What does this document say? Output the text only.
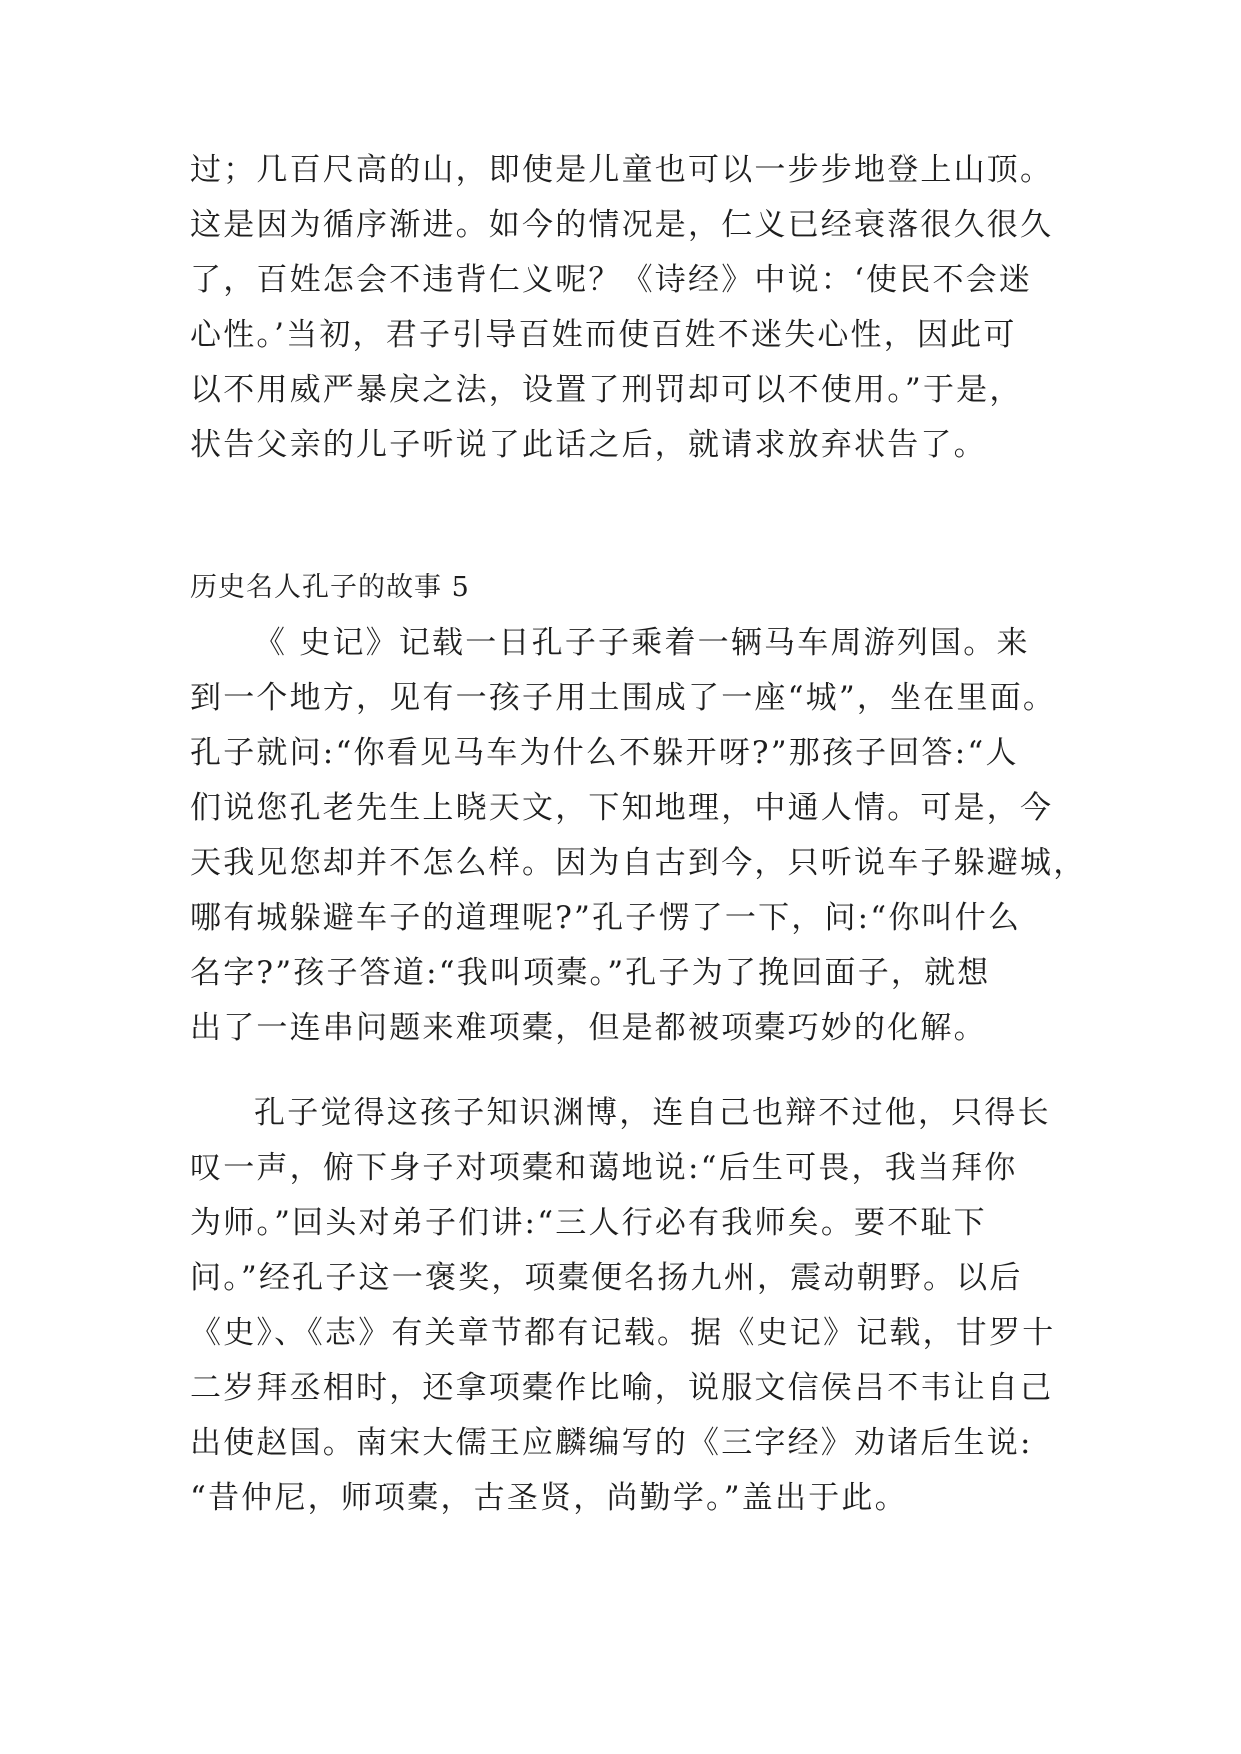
过；几百尺高的山，即使是儿童也可以一步步地登上山顶。
这是因为循序渐进。如今的情况是，仁义已经衰落很久很久
了，百姓怎会不违背仁义呢？《诗经》中说：‘使民不会迷
心性。’当初，君子引导百姓而使百姓不迷失心性，因此可
以不用威严暴戾之法，设置了刑罚却可以不使用。”于是，
状告父亲的儿子听说了此话之后，就请求放弃状告了。
历史名人孔子的故事 5
《 史记》记载一日孔子子乘着一辆马车周游列国。来
到一个地方，见有一孩子用土围成了一座“城”，坐在里面。
孔子就问:“你看见马车为什么不躲开呀?”那孩子回答:“人
们说您孔老先生上晓天文，下知地理，中通人情。可是，今
天我见您却并不怎么样。因为自古到今，只听说车子躲避城，
哪有城躲避车子的道理呢?”孔子愣了一下，问:“你叫什么
名字?”孩子答道:“我叫项橐。”孔子为了挽回面子，就想
出了一连串问题来难项橐，但是都被项橐巧妙的化解。
孔子觉得这孩子知识渊博，连自己也辩不过他，只得长
叹一声，俯下身子对项橐和蔼地说:“后生可畏，我当拜你
为师。”回头对弟子们讲:“三人行必有我师矣。要不耻下
问。”经孔子这一褒奖，项橐便名扬九州，震动朝野。以后
《史》、《志》有关章节都有记载。据《史记》记载，甘罗十
二岁拜丞相时，还拿项橐作比喻，说服文信侯吕不韦让自己
出使赵国。南宋大儒王应麟编写的《三字经》劝诸后生说:
“昔仲尼，师项橐，古圣贤，尚勤学。”盖出于此。
